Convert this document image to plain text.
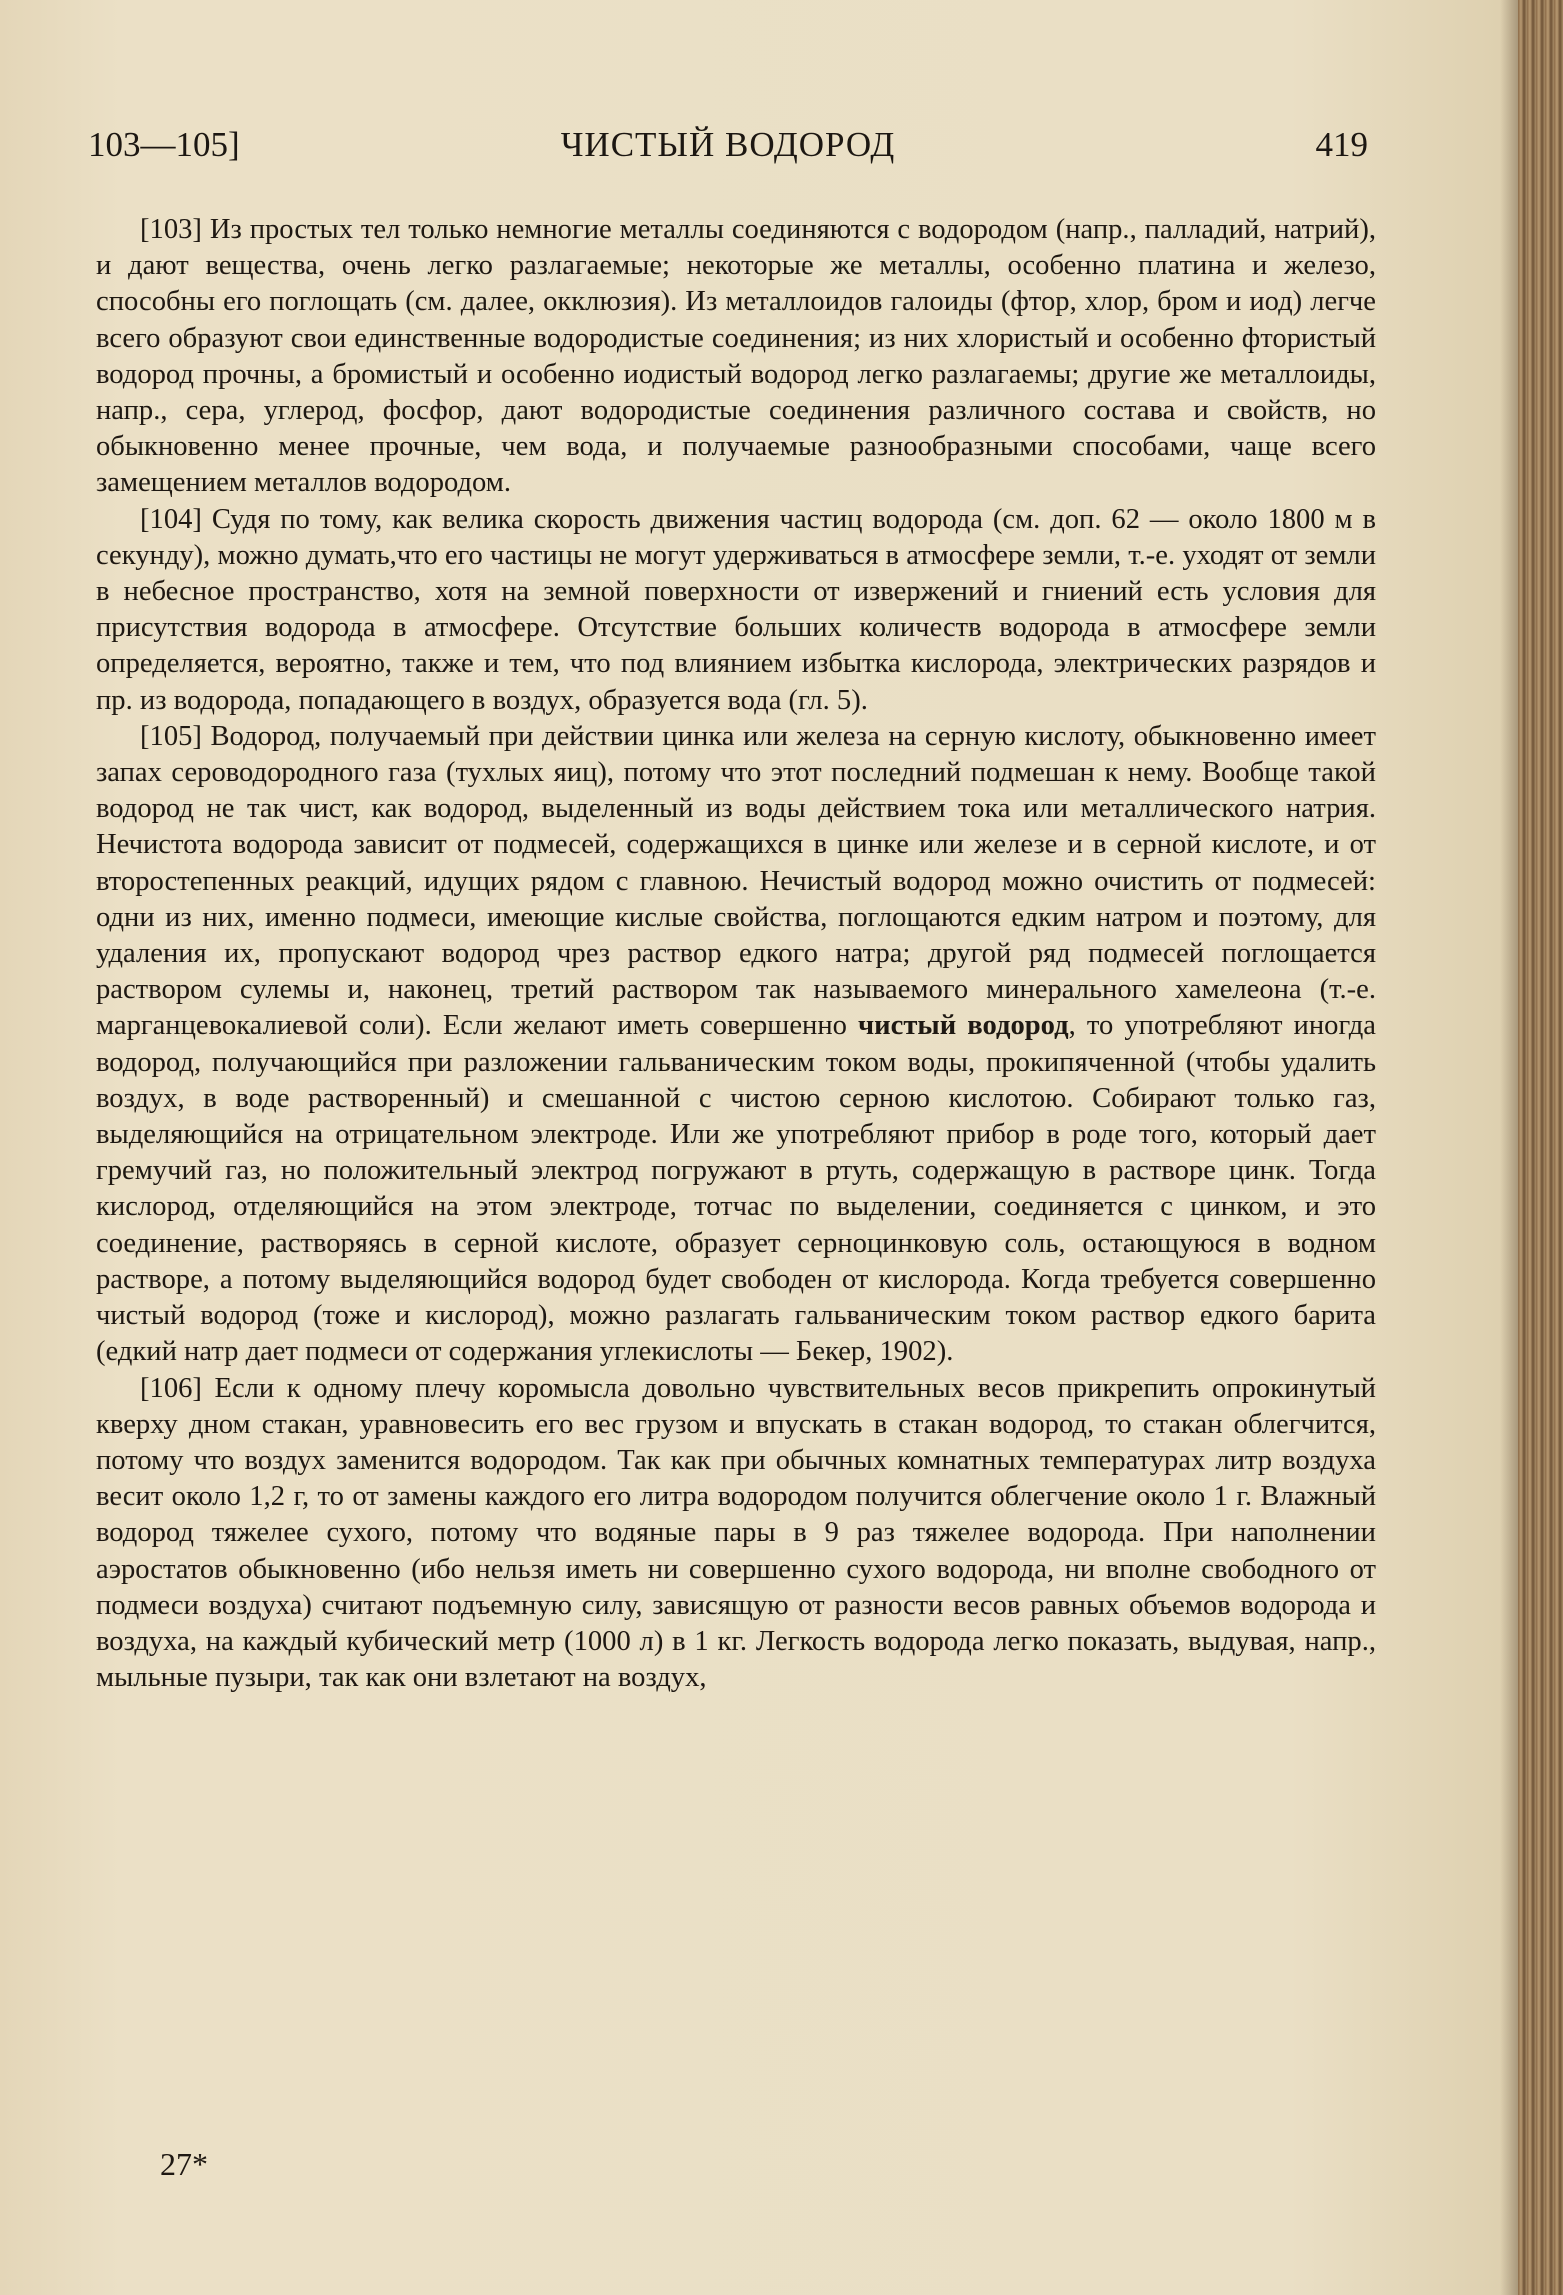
103—105]	ЧИСТЫЙ ВОДОРОД	419

[103] Из простых тел только немногие металлы соединяются с водородом (напр., палладий, натрий), и дают вещества, очень легко разлагаемые; некоторые же металлы, особенно платина и железо, способны его поглощать (см. далее, окклюзия). Из металлоидов галоиды (фтор, хлор, бром и иод) легче всего образуют свои единственные водородистые соединения; из них хлористый и особенно фтористый водород прочны, а бромистый и особенно иодистый водород легко разлагаемы; другие же металлоиды, напр., сера, углерод, фосфор, дают водородистые соединения различного состава и свойств, но обыкновенно менее прочные, чем вода, и получаемые разнообразными способами, чаще всего замещением металлов водородом.

[104] Судя по тому, как велика скорость движения частиц водорода (см. доп. 62 — около 1800 м в секунду), можно думать,что его частицы не могут удерживаться в атмосфере земли, т.-е. уходят от земли в небесное пространство, хотя на земной поверхности от извержений и гниений есть условия для присутствия водорода в атмосфере. Отсутствие больших количеств водорода в атмосфере земли определяется, вероятно, также и тем, что под влиянием избытка кислорода, электрических разрядов и пр. из водорода, попадающего в воздух, образуется вода (гл. 5).

[105] Водород, получаемый при действии цинка или железа на серную кислоту, обыкновенно имеет запах сероводородного газа (тухлых яиц), потому что этот последний подмешан к нему. Вообще такой водород не так чист, как водород, выделенный из воды действием тока или металлического натрия. Нечистота водорода зависит от подмесей, содержащихся в цинке или железе и в серной кислоте, и от второстепенных реакций, идущих рядом с главною. Нечистый водород можно очистить от подмесей: одни из них, именно подмеси, имеющие кислые свойства, поглощаются едким натром и поэтому, для удаления их, пропускают водород чрез раствор едкого натра; другой ряд подмесей поглощается раствором сулемы и, наконец, третий раствором так называемого минерального хамелеона (т.-е. марганцевокалиевой соли). Если желают иметь совершенно чистый водород, то употребляют иногда водород, получающийся при разложении гальваническим током воды, прокипяченной (чтобы удалить воздух, в воде растворенный) и смешанной с чистою серною кислотою. Собирают только газ, выделяющийся на отрицательном электроде. Или же употребляют прибор в роде того, который дает гремучий газ, но положительный электрод погружают в ртуть, содержащую в растворе цинк. Тогда кислород, отделяющийся на этом электроде, тотчас по выделении, соединяется с цинком, и это соединение, растворяясь в серной кислоте, образует серноцинковую соль, остающуюся в водном растворе, а потому выделяющийся водород будет свободен от кислорода. Когда требуется совершенно чистый водород (тоже и кислород), можно разлагать гальваническим током раствор едкого барита (едкий натр дает подмеси от содержания углекислоты — Бекер, 1902).

[106] Если к одному плечу коромысла довольно чувствительных весов прикрепить опрокинутый кверху дном стакан, уравновесить его вес грузом и впускать в стакан водород, то стакан облегчится, потому что воздух заменится водородом. Так как при обычных комнатных температурах литр воздуха весит около 1,2 г, то от замены каждого его литра водородом получится облегчение около 1 г. Влажный водород тяжелее сухого, потому что водяные пары в 9 раз тяжелее водорода. При наполнении аэростатов обыкновенно (ибо нельзя иметь ни совершенно сухого водорода, ни вполне свободного от подмеси воздуха) считают подъемную силу, зависящую от разности весов равных объемов водорода и воздуха, на каждый кубический метр (1000 л) в 1 кг. Легкость водорода легко показать, выдувая, напр., мыльные пузыри, так как они взлетают на воздух,

27*
